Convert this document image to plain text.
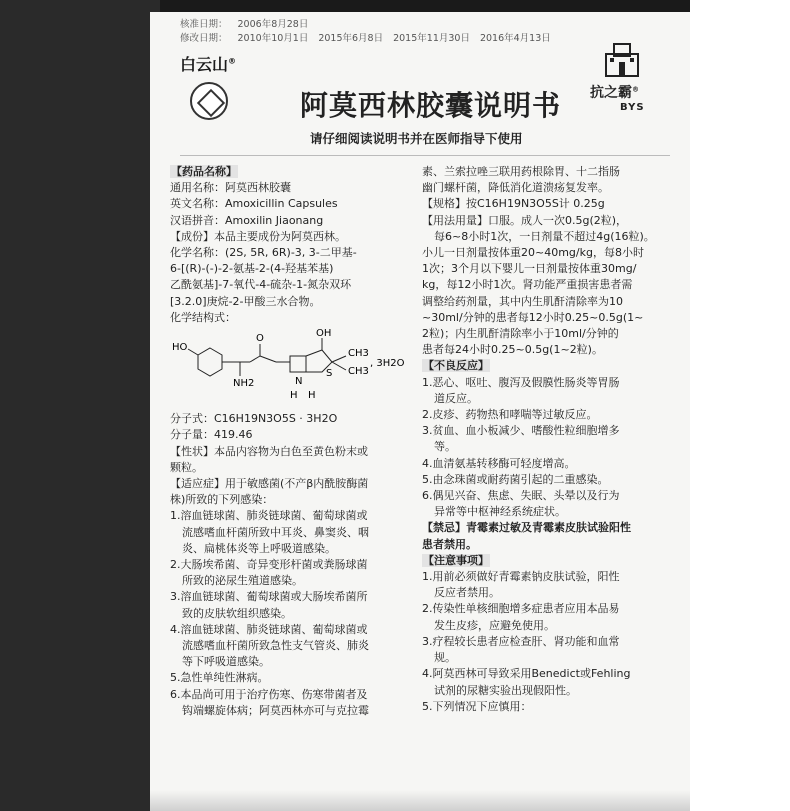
核准日期： 2006年8月28日
修改日期： 2010年10月1日 2015年6月8日 2015年11月30日 2016年4月13日
白云山®
阿莫西林胶囊说明书
请仔细阅读说明书并在医师指导下使用
抗之霸®
BYS
【药品名称】
通用名称：阿莫西林胶囊
英文名称：Amoxicillin Capsules
汉语拼音：Amoxilin Jiaonang
【成份】本品主要成份为阿莫西林。
化学名称：(2S, 5R, 6R)-3, 3-二甲基-
6-[(R)-(-)-2-氨基-2-(4-羟基苯基)
乙酰氨基]-7-氧代-4-硫杂-1-氮杂双环
[3.2.0]庚烷-2-甲酸三水合物。
化学结构式：
HO
NH2
O	OH
N
S
CH3
CH3
H H
, 3H2O
分子式：C16H19N3O5S · 3H2O
分子量：419.46
【性状】本品内容物为白色至黄色粉末或
颗粒。
【适应症】用于敏感菌(不产β内酰胺酶菌
株)所致的下列感染：
1.溶血链球菌、肺炎链球菌、葡萄球菌或
流感嗜血杆菌所致中耳炎、鼻窦炎、咽
炎、扁桃体炎等上呼吸道感染。
2.大肠埃希菌、奇异变形杆菌或粪肠球菌
所致的泌尿生殖道感染。
3.溶血链球菌、葡萄球菌或大肠埃希菌所
致的皮肤软组织感染。
4.溶血链球菌、肺炎链球菌、葡萄球菌或
流感嗜血杆菌所致急性支气管炎、肺炎
等下呼吸道感染。
5.急性单纯性淋病。
6.本品尚可用于治疗伤寒、伤寒带菌者及
钩端螺旋体病；阿莫西林亦可与克拉霉
素、兰索拉唑三联用药根除胃、十二指肠
幽门螺杆菌，降低消化道溃疡复发率。
【规格】按C16H19N3O5S计 0.25g
【用法用量】口服。成人一次0.5g(2粒)，
每6~8小时1次，一日剂量不超过4g(16粒)。
小儿一日剂量按体重20~40mg/kg，每8小时
1次；3个月以下婴儿一日剂量按体重30mg/
kg，每12小时1次。肾功能严重损害患者需
调整给药剂量，其中内生肌酐清除率为10
~30ml/分钟的患者每12小时0.25~0.5g(1~
2粒)；内生肌酐清除率小于10ml/分钟的
患者每24小时0.25~0.5g(1~2粒)。
【不良反应】
1.恶心、呕吐、腹泻及假膜性肠炎等胃肠
道反应。
2.皮疹、药物热和哮喘等过敏反应。
3.贫血、血小板减少、嗜酸性粒细胞增多
等。
4.血清氨基转移酶可轻度增高。
5.由念珠菌或耐药菌引起的二重感染。
6.偶见兴奋、焦虑、失眠、头晕以及行为
异常等中枢神经系统症状。
【禁忌】青霉素过敏及青霉素皮肤试验阳性
患者禁用。
【注意事项】
1.用前必须做好青霉素钠皮肤试验，阳性
反应者禁用。
2.传染性单核细胞增多症患者应用本品易
发生皮疹，应避免使用。
3.疗程较长患者应检查肝、肾功能和血常
规。
4.阿莫西林可导致采用Benedict或Fehling
试剂的尿糖实验出现假阳性。
5.下列情况下应慎用：
